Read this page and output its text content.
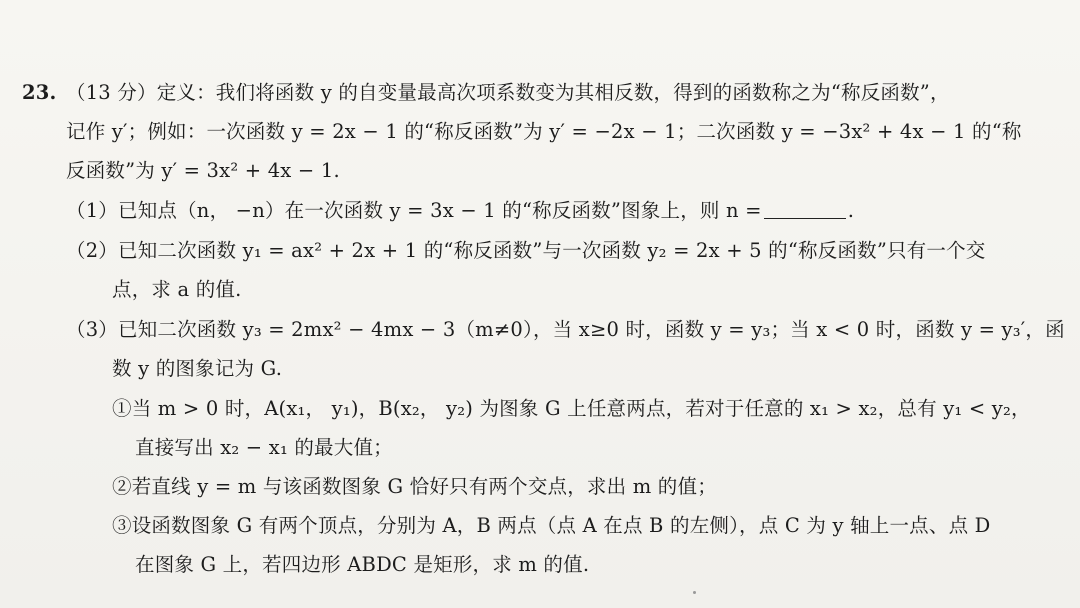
23. （13 分）定义：我们将函数 y 的自变量最高次项系数变为其相反数，得到的函数称之为“称反函数”，
记作 y′；例如：一次函数 y = 2x − 1 的“称反函数”为 y′ = −2x − 1；二次函数 y = −3x² + 4x − 1 的“称
反函数”为 y′ = 3x² + 4x − 1.
（1）已知点（n， −n）在一次函数 y = 3x − 1 的“称反函数”图象上，则 n =	.
（2）已知二次函数 y₁ = ax² + 2x + 1 的“称反函数”与一次函数 y₂ = 2x + 5 的“称反函数”只有一个交
点，求 a 的值.
（3）已知二次函数 y₃ = 2mx² − 4mx − 3（m≠0），当 x≥0 时，函数 y = y₃；当 x < 0 时，函数 y = y₃′，函
数 y 的图象记为 G.
①当 m > 0 时，A(x₁， y₁)，B(x₂， y₂) 为图象 G 上任意两点，若对于任意的 x₁ > x₂，总有 y₁ < y₂，
直接写出 x₂ − x₁ 的最大值；
②若直线 y = m 与该函数图象 G 恰好只有两个交点，求出 m 的值；
③设函数图象 G 有两个顶点，分别为 A，B 两点（点 A 在点 B 的左侧），点 C 为 y 轴上一点、点 D
在图象 G 上，若四边形 ABDC 是矩形，求 m 的值.
